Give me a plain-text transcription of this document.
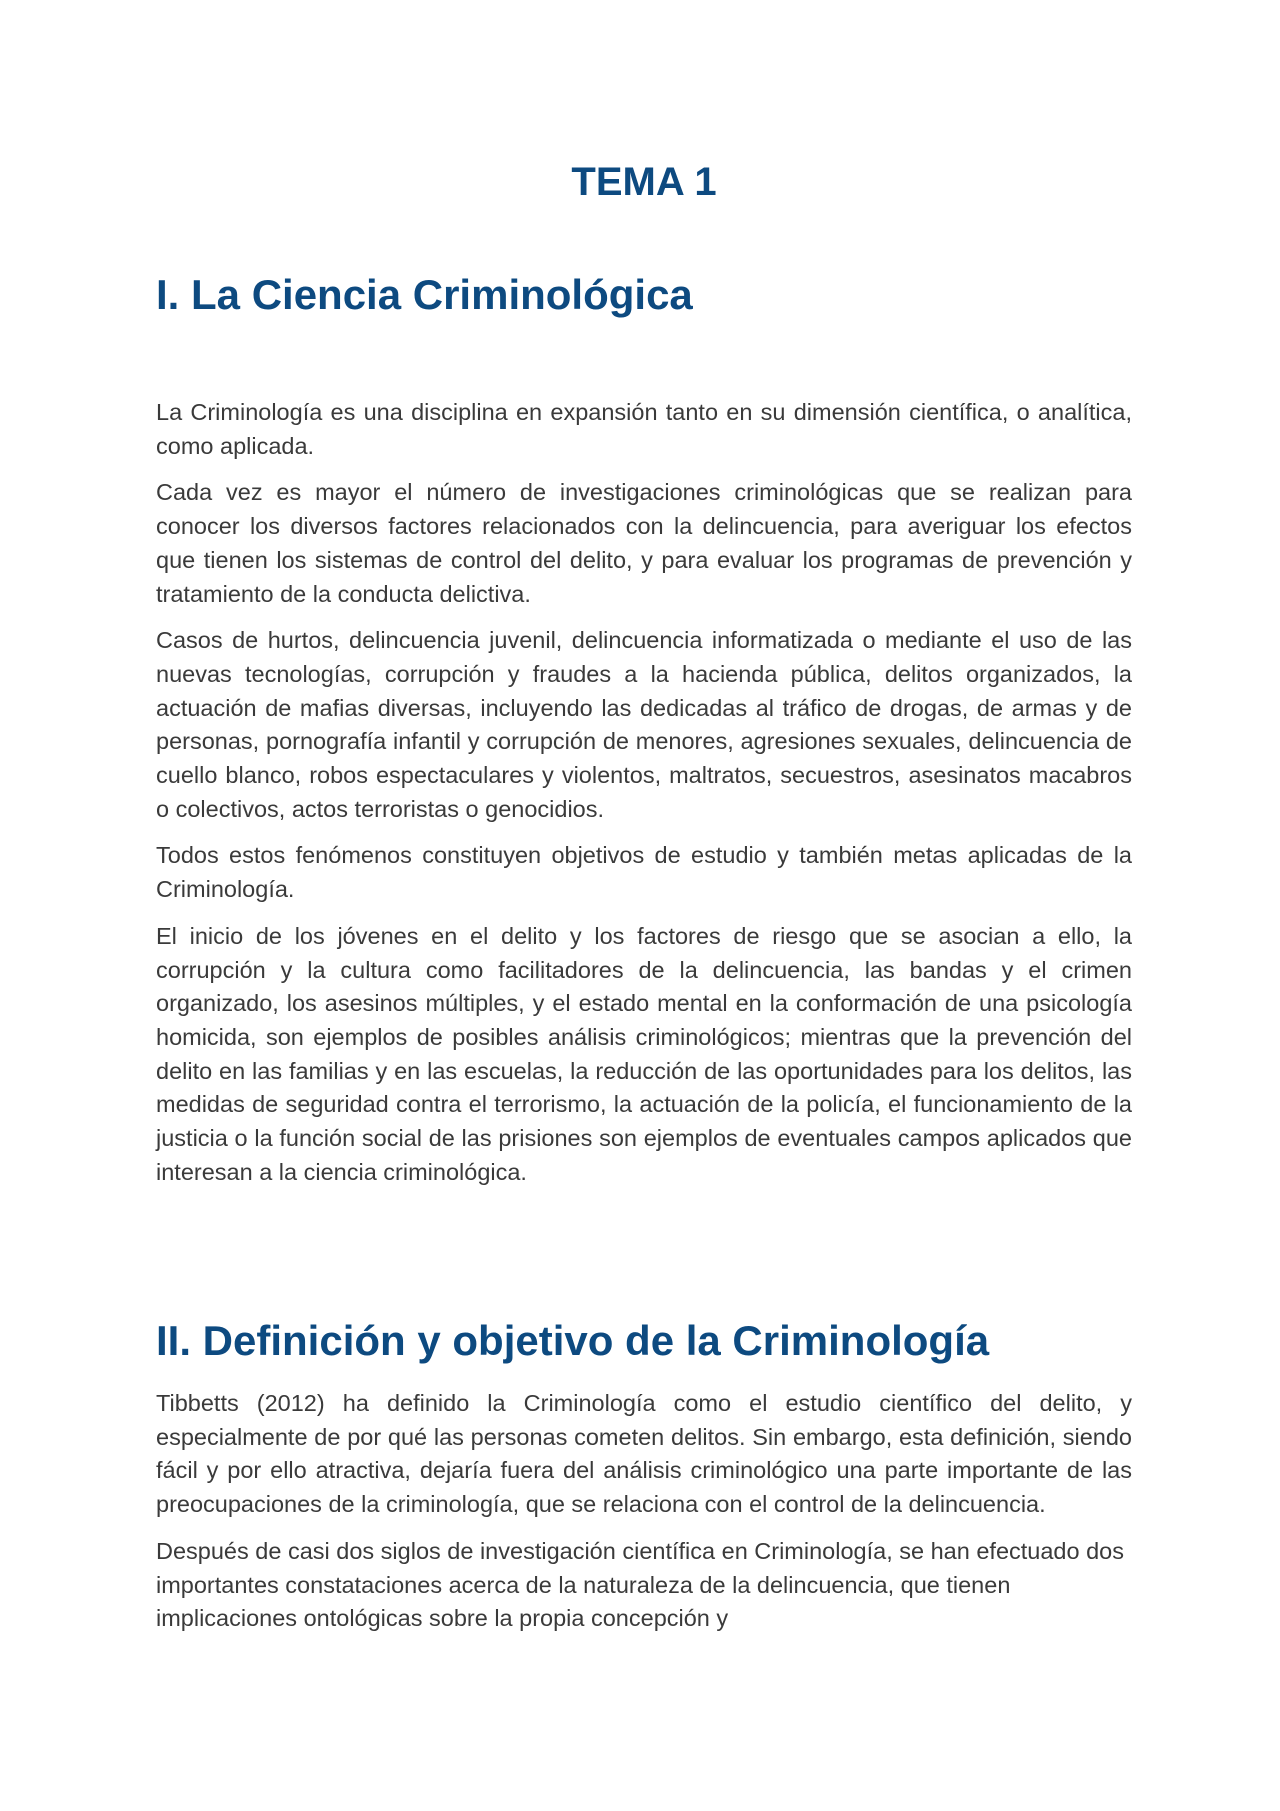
TEMA 1
I. La Ciencia Criminológica

La Criminología es una disciplina en expansión tanto en su dimensión científica, o analítica, como aplicada.

Cada vez es mayor el número de investigaciones criminológicas que se realizan para conocer los diversos factores relacionados con la delincuencia, para averiguar los efectos que tienen los sistemas de control del delito, y para evaluar los programas de prevención y tratamiento de la conducta delictiva.

Casos de hurtos, delincuencia juvenil, delincuencia informatizada o mediante el uso de las nuevas tecnologías, corrupción y fraudes a la hacienda pública, delitos organizados, la actuación de mafias diversas, incluyendo las dedicadas al tráfico de drogas, de armas y de personas, pornografía infantil y corrupción de menores, agresiones sexuales, delincuencia de cuello blanco, robos espectaculares y violentos, maltratos, secuestros, asesinatos macabros o colectivos, actos terroristas o genocidios.

Todos estos fenómenos constituyen objetivos de estudio y también metas aplicadas de la Criminología.

El inicio de los jóvenes en el delito y los factores de riesgo que se asocian a ello, la corrupción y la cultura como facilitadores de la delincuencia, las bandas y el crimen organizado, los asesinos múltiples, y el estado mental en la conformación de una psicología homicida, son ejemplos de posibles análisis criminológicos; mientras que la prevención del delito en las familias y en las escuelas, la reducción de las oportunidades para los delitos, las medidas de seguridad contra el terrorismo, la actuación de la policía, el funcionamiento de la justicia o la función social de las prisiones son ejemplos de eventuales campos aplicados que interesan a la ciencia criminológica.

II. Definición y objetivo de la Criminología

Tibbetts (2012) ha definido la Criminología como el estudio científico del delito, y especialmente de por qué las personas cometen delitos. Sin embargo, esta definición, siendo fácil y por ello atractiva, dejaría fuera del análisis criminológico una parte importante de las preocupaciones de la criminología, que se relaciona con el control de la delincuencia.

Después de casi dos siglos de investigación científica en Criminología, se han efectuado dos importantes constataciones acerca de la naturaleza de la delincuencia, que tienen implicaciones ontológicas sobre la propia concepción y
